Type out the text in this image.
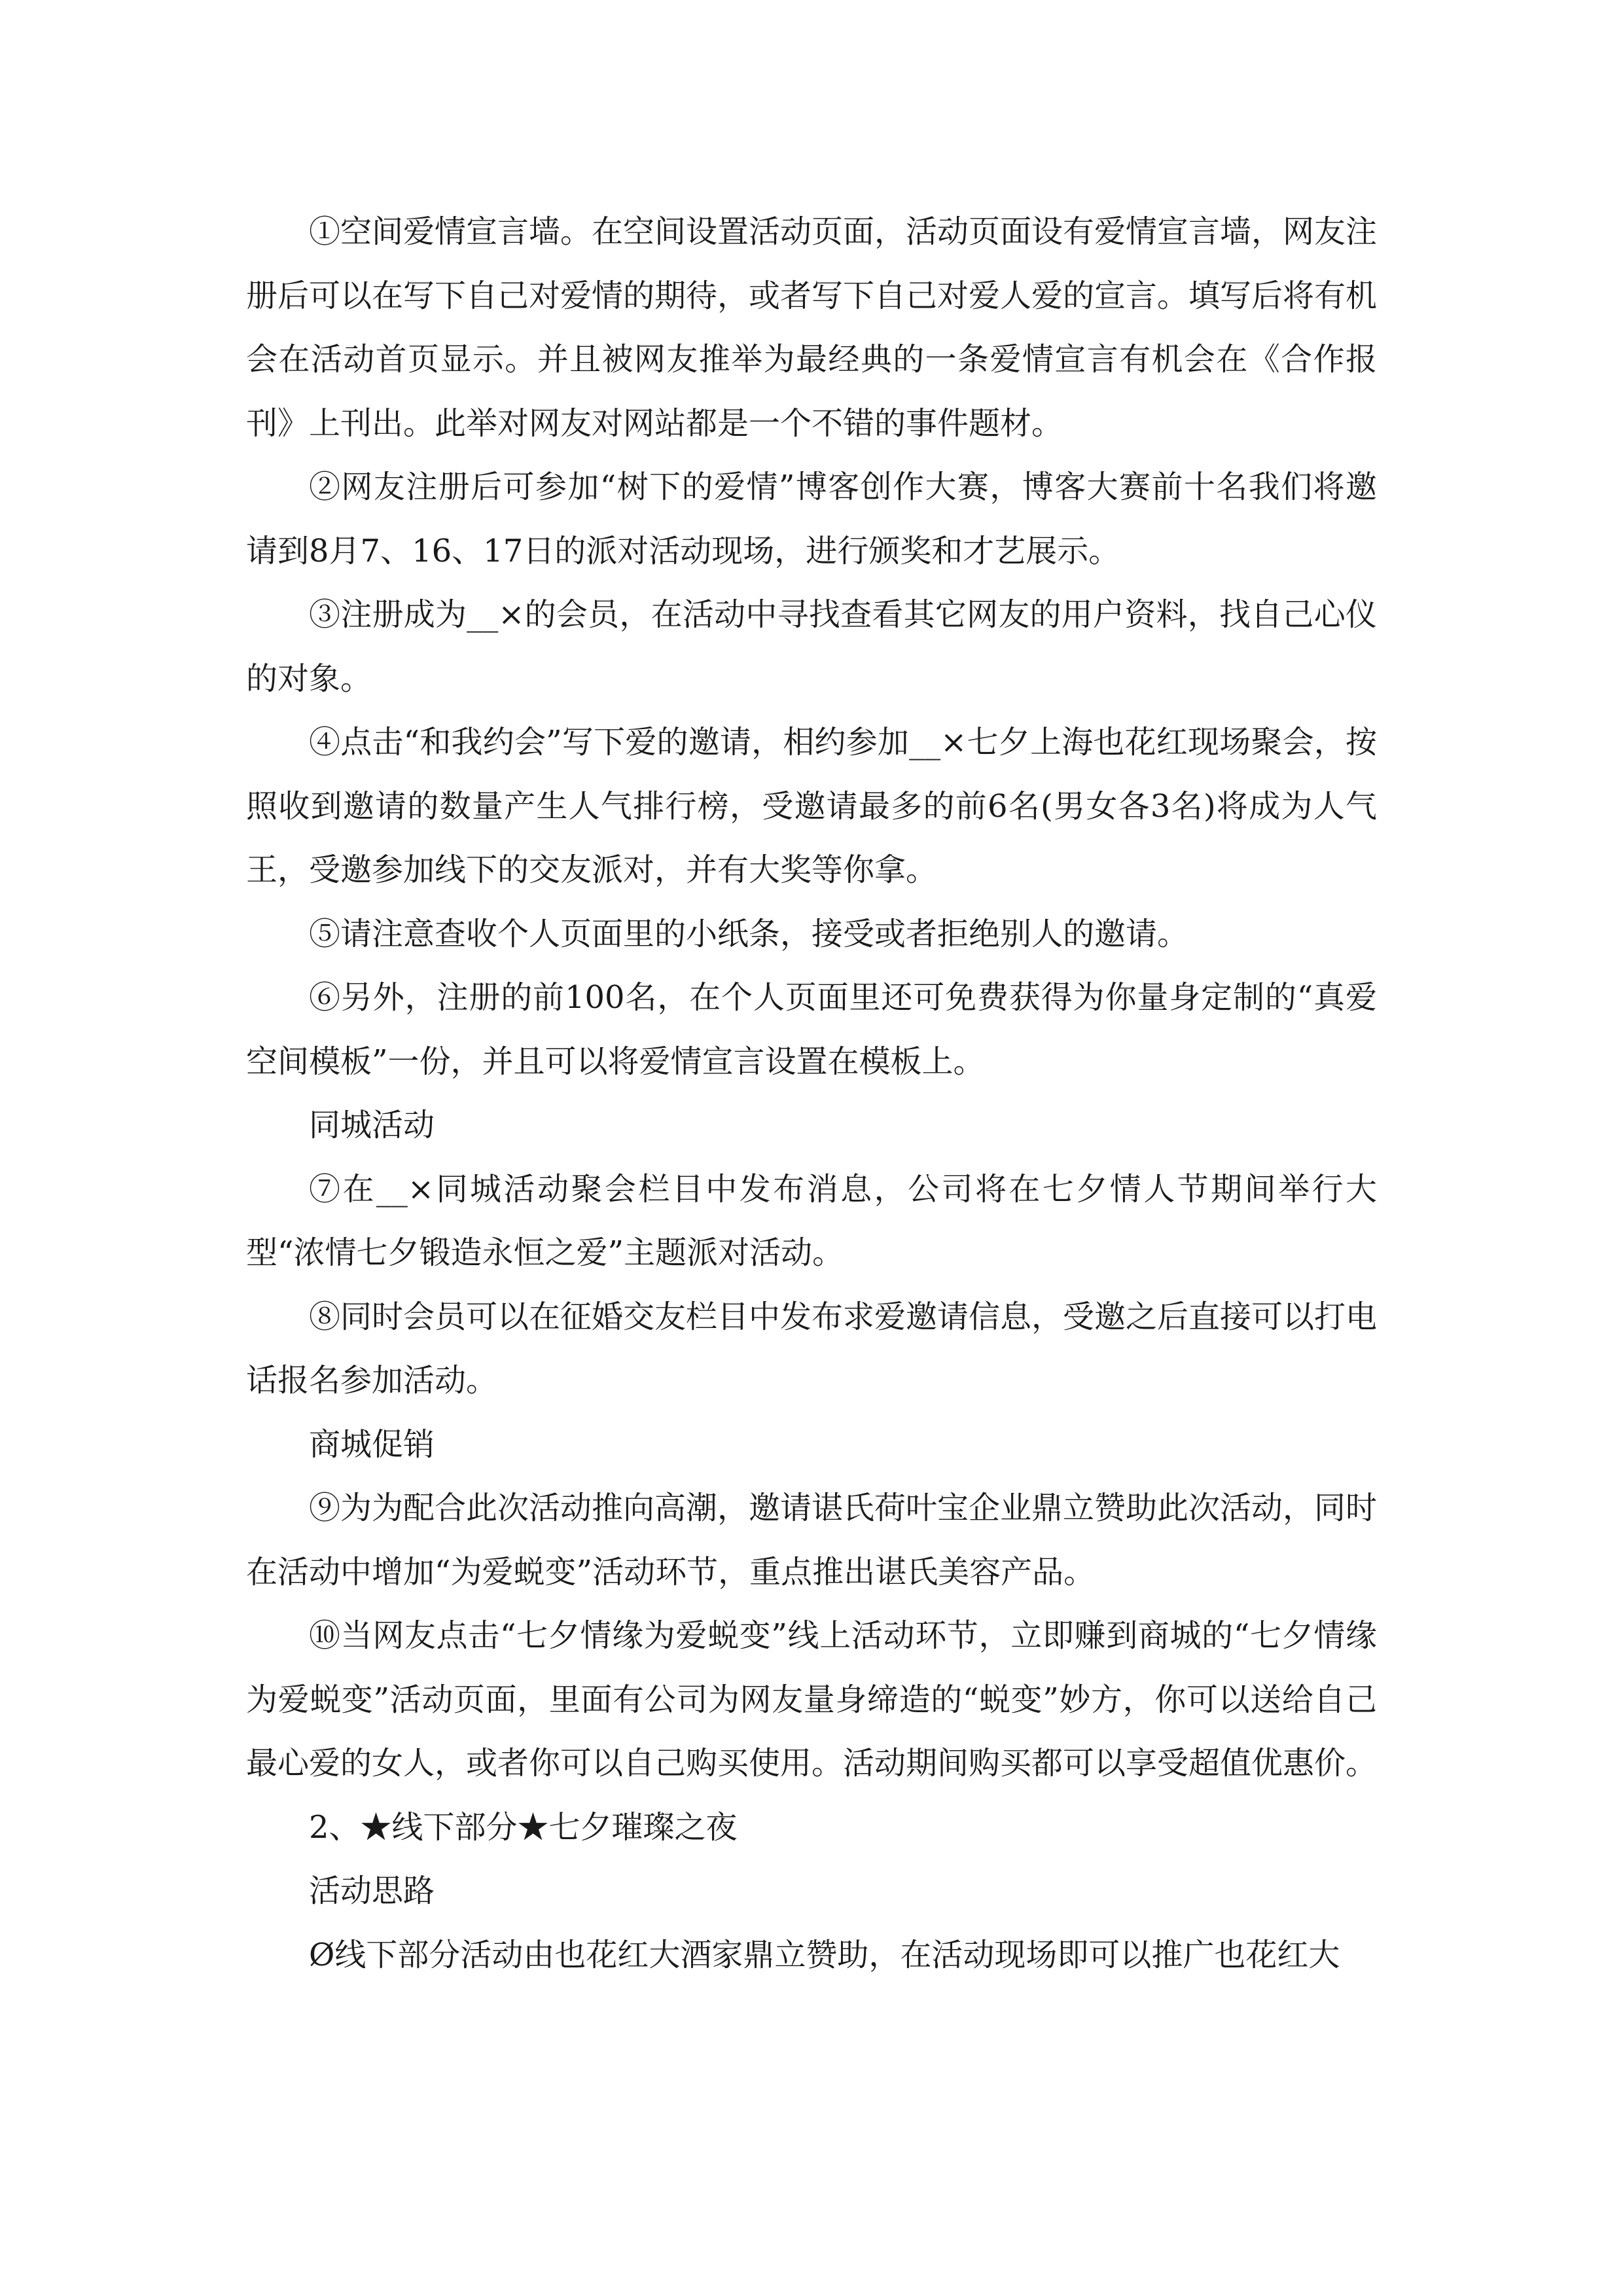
①空间爱情宣言墙。在空间设置活动页面，活动页面设有爱情宣言墙，网友注册后可以在写下自己对爱情的期待，或者写下自己对爱人爱的宣言。填写后将有机会在活动首页显示。并且被网友推举为最经典的一条爱情宣言有机会在《合作报刊》上刊出。此举对网友对网站都是一个不错的事件题材。

②网友注册后可参加“树下的爱情”博客创作大赛，博客大赛前十名我们将邀请到8月7、16、17日的派对活动现场，进行颁奖和才艺展示。

③注册成为__×的会员，在活动中寻找查看其它网友的用户资料，找自己心仪的对象。

④点击“和我约会”写下爱的邀请，相约参加__×七夕上海也花红现场聚会，按照收到邀请的数量产生人气排行榜，受邀请最多的前6名(男女各3名)将成为人气王，受邀参加线下的交友派对，并有大奖等你拿。

⑤请注意查收个人页面里的小纸条，接受或者拒绝别人的邀请。

⑥另外，注册的前100名，在个人页面里还可免费获得为你量身定制的“真爱空间模板”一份，并且可以将爱情宣言设置在模板上。

同城活动

⑦在__×同城活动聚会栏目中发布消息，公司将在七夕情人节期间举行大型“浓情七夕锻造永恒之爱”主题派对活动。

⑧同时会员可以在征婚交友栏目中发布求爱邀请信息，受邀之后直接可以打电话报名参加活动。

商城促销

⑨为为配合此次活动推向高潮，邀请谌氏荷叶宝企业鼎立赞助此次活动，同时在活动中增加“为爱蜕变”活动环节，重点推出谌氏美容产品。

⑩当网友点击“七夕情缘为爱蜕变”线上活动环节，立即赚到商城的“七夕情缘为爱蜕变”活动页面，里面有公司为网友量身缔造的“蜕变”妙方，你可以送给自己最心爱的女人，或者你可以自己购买使用。活动期间购买都可以享受超值优惠价。

2、★线下部分★七夕璀璨之夜

活动思路

Ø线下部分活动由也花红大酒家鼎立赞助，在活动现场即可以推广也花红大
